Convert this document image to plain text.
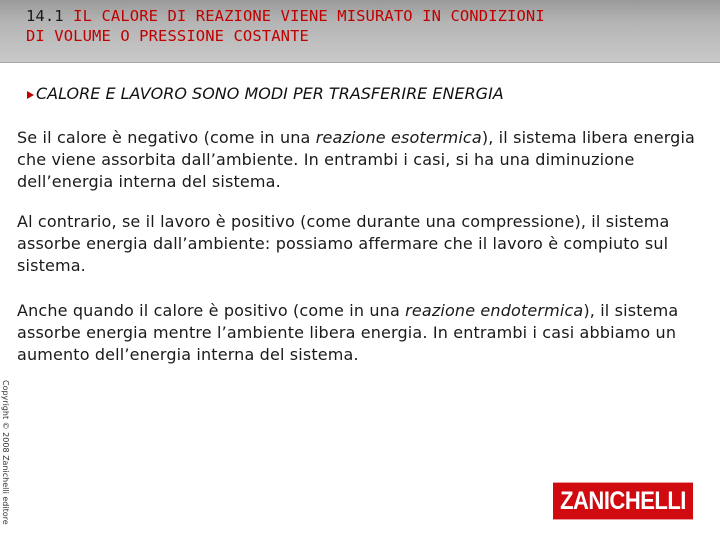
14.1 IL CALORE DI REAZIONE VIENE MISURATO IN CONDIZIONI
DI VOLUME O PRESSIONE COSTANTE
CALORE E LAVORO SONO MODI PER TRASFERIRE ENERGIA
Se il calore è negativo (come in una reazione esotermica), il sistema libera energia che viene assorbita dall’ambiente. In entrambi i casi, si ha una diminuzione dell’energia interna del sistema.
Al contrario, se il lavoro è positivo (come durante una compressione), il sistema assorbe energia dall’ambiente: possiamo affermare che il lavoro è compiuto sul sistema.
Anche quando il calore è positivo (come in una reazione endotermica), il sistema assorbe energia mentre l’ambiente libera energia. In entrambi i casi abbiamo un aumento dell’energia interna del sistema.
Copyright © 2008 Zanichelli editore	ZANICHELLI
